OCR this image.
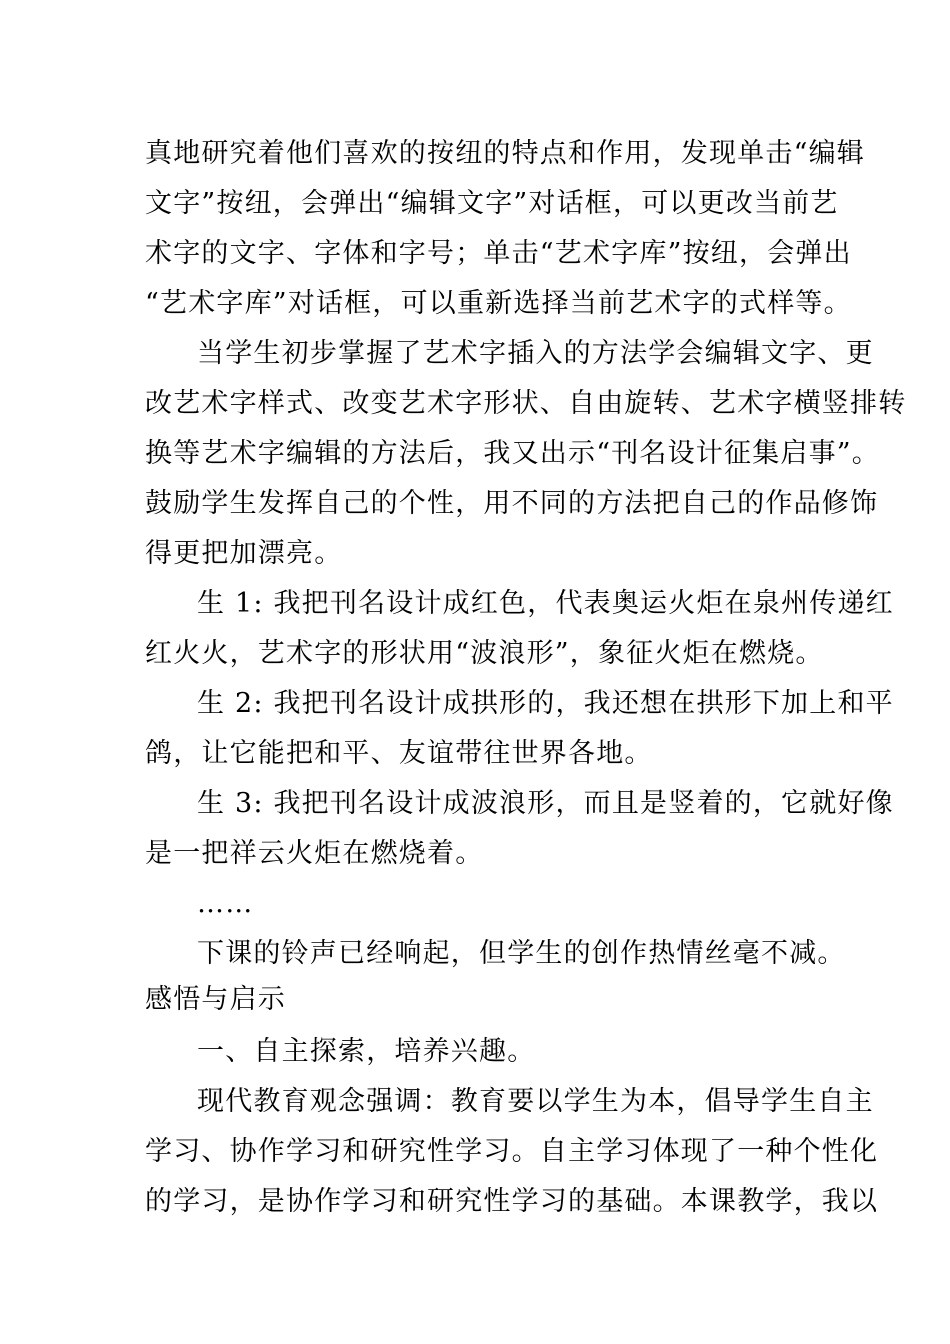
真地研究着他们喜欢的按纽的特点和作用，发现单击“编辑
文字”按纽，会弹出“编辑文字”对话框，可以更改当前艺
术字的文字、字体和字号；单击“艺术字库”按纽，会弹出
“艺术字库”对话框，可以重新选择当前艺术字的式样等。
当学生初步掌握了艺术字插入的方法学会编辑文字、更
改艺术字样式、改变艺术字形状、自由旋转、艺术字横竖排转
换等艺术字编辑的方法后，我又出示“刊名设计征集启事”。
鼓励学生发挥自己的个性，用不同的方法把自己的作品修饰
得更把加漂亮。
生 1: 我把刊名设计成红色，代表奥运火炬在泉州传递红
红火火，艺术字的形状用“波浪形”，象征火炬在燃烧。
生 2: 我把刊名设计成拱形的，我还想在拱形下加上和平
鸽，让它能把和平、友谊带往世界各地。
生 3: 我把刊名设计成波浪形，而且是竖着的，它就好像
是一把祥云火炬在燃烧着。
……
下课的铃声已经响起，但学生的创作热情丝毫不减。
感悟与启示
一、自主探索，培养兴趣。
现代教育观念强调：教育要以学生为本，倡导学生自主
学习、协作学习和研究性学习。自主学习体现了一种个性化
的学习，是协作学习和研究性学习的基础。本课教学，我以
